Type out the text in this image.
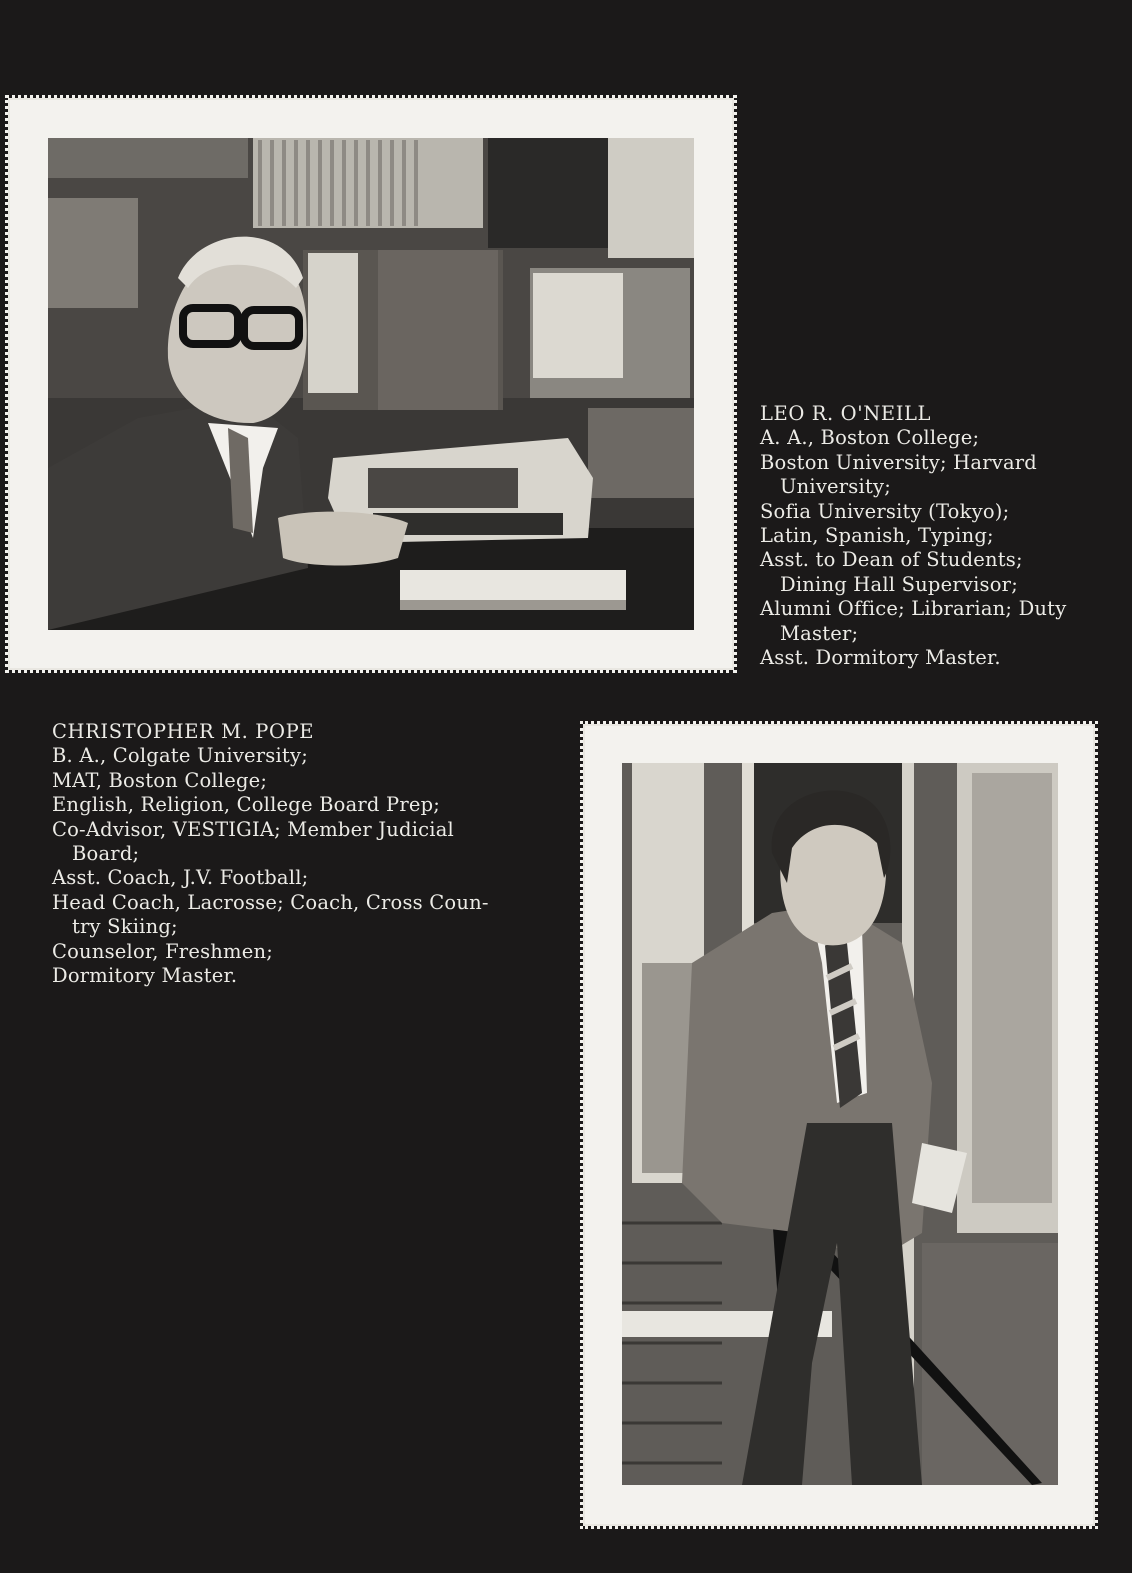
LEO R. O'NEILL
A. A., Boston College;
Boston University; Harvard
University;
Sofia University (Tokyo);
Latin, Spanish, Typing;
Asst. to Dean of Students;
Dining Hall Supervisor;
Alumni Office; Librarian; Duty
Master;
Asst. Dormitory Master.
CHRISTOPHER M. POPE
B. A., Colgate University;
MAT, Boston College;
English, Religion, College Board Prep;
Co-Advisor, VESTIGIA; Member Judicial
Board;
Asst. Coach, J.V. Football;
Head Coach, Lacrosse; Coach, Cross Coun-
try Skiing;
Counselor, Freshmen;
Dormitory Master.
